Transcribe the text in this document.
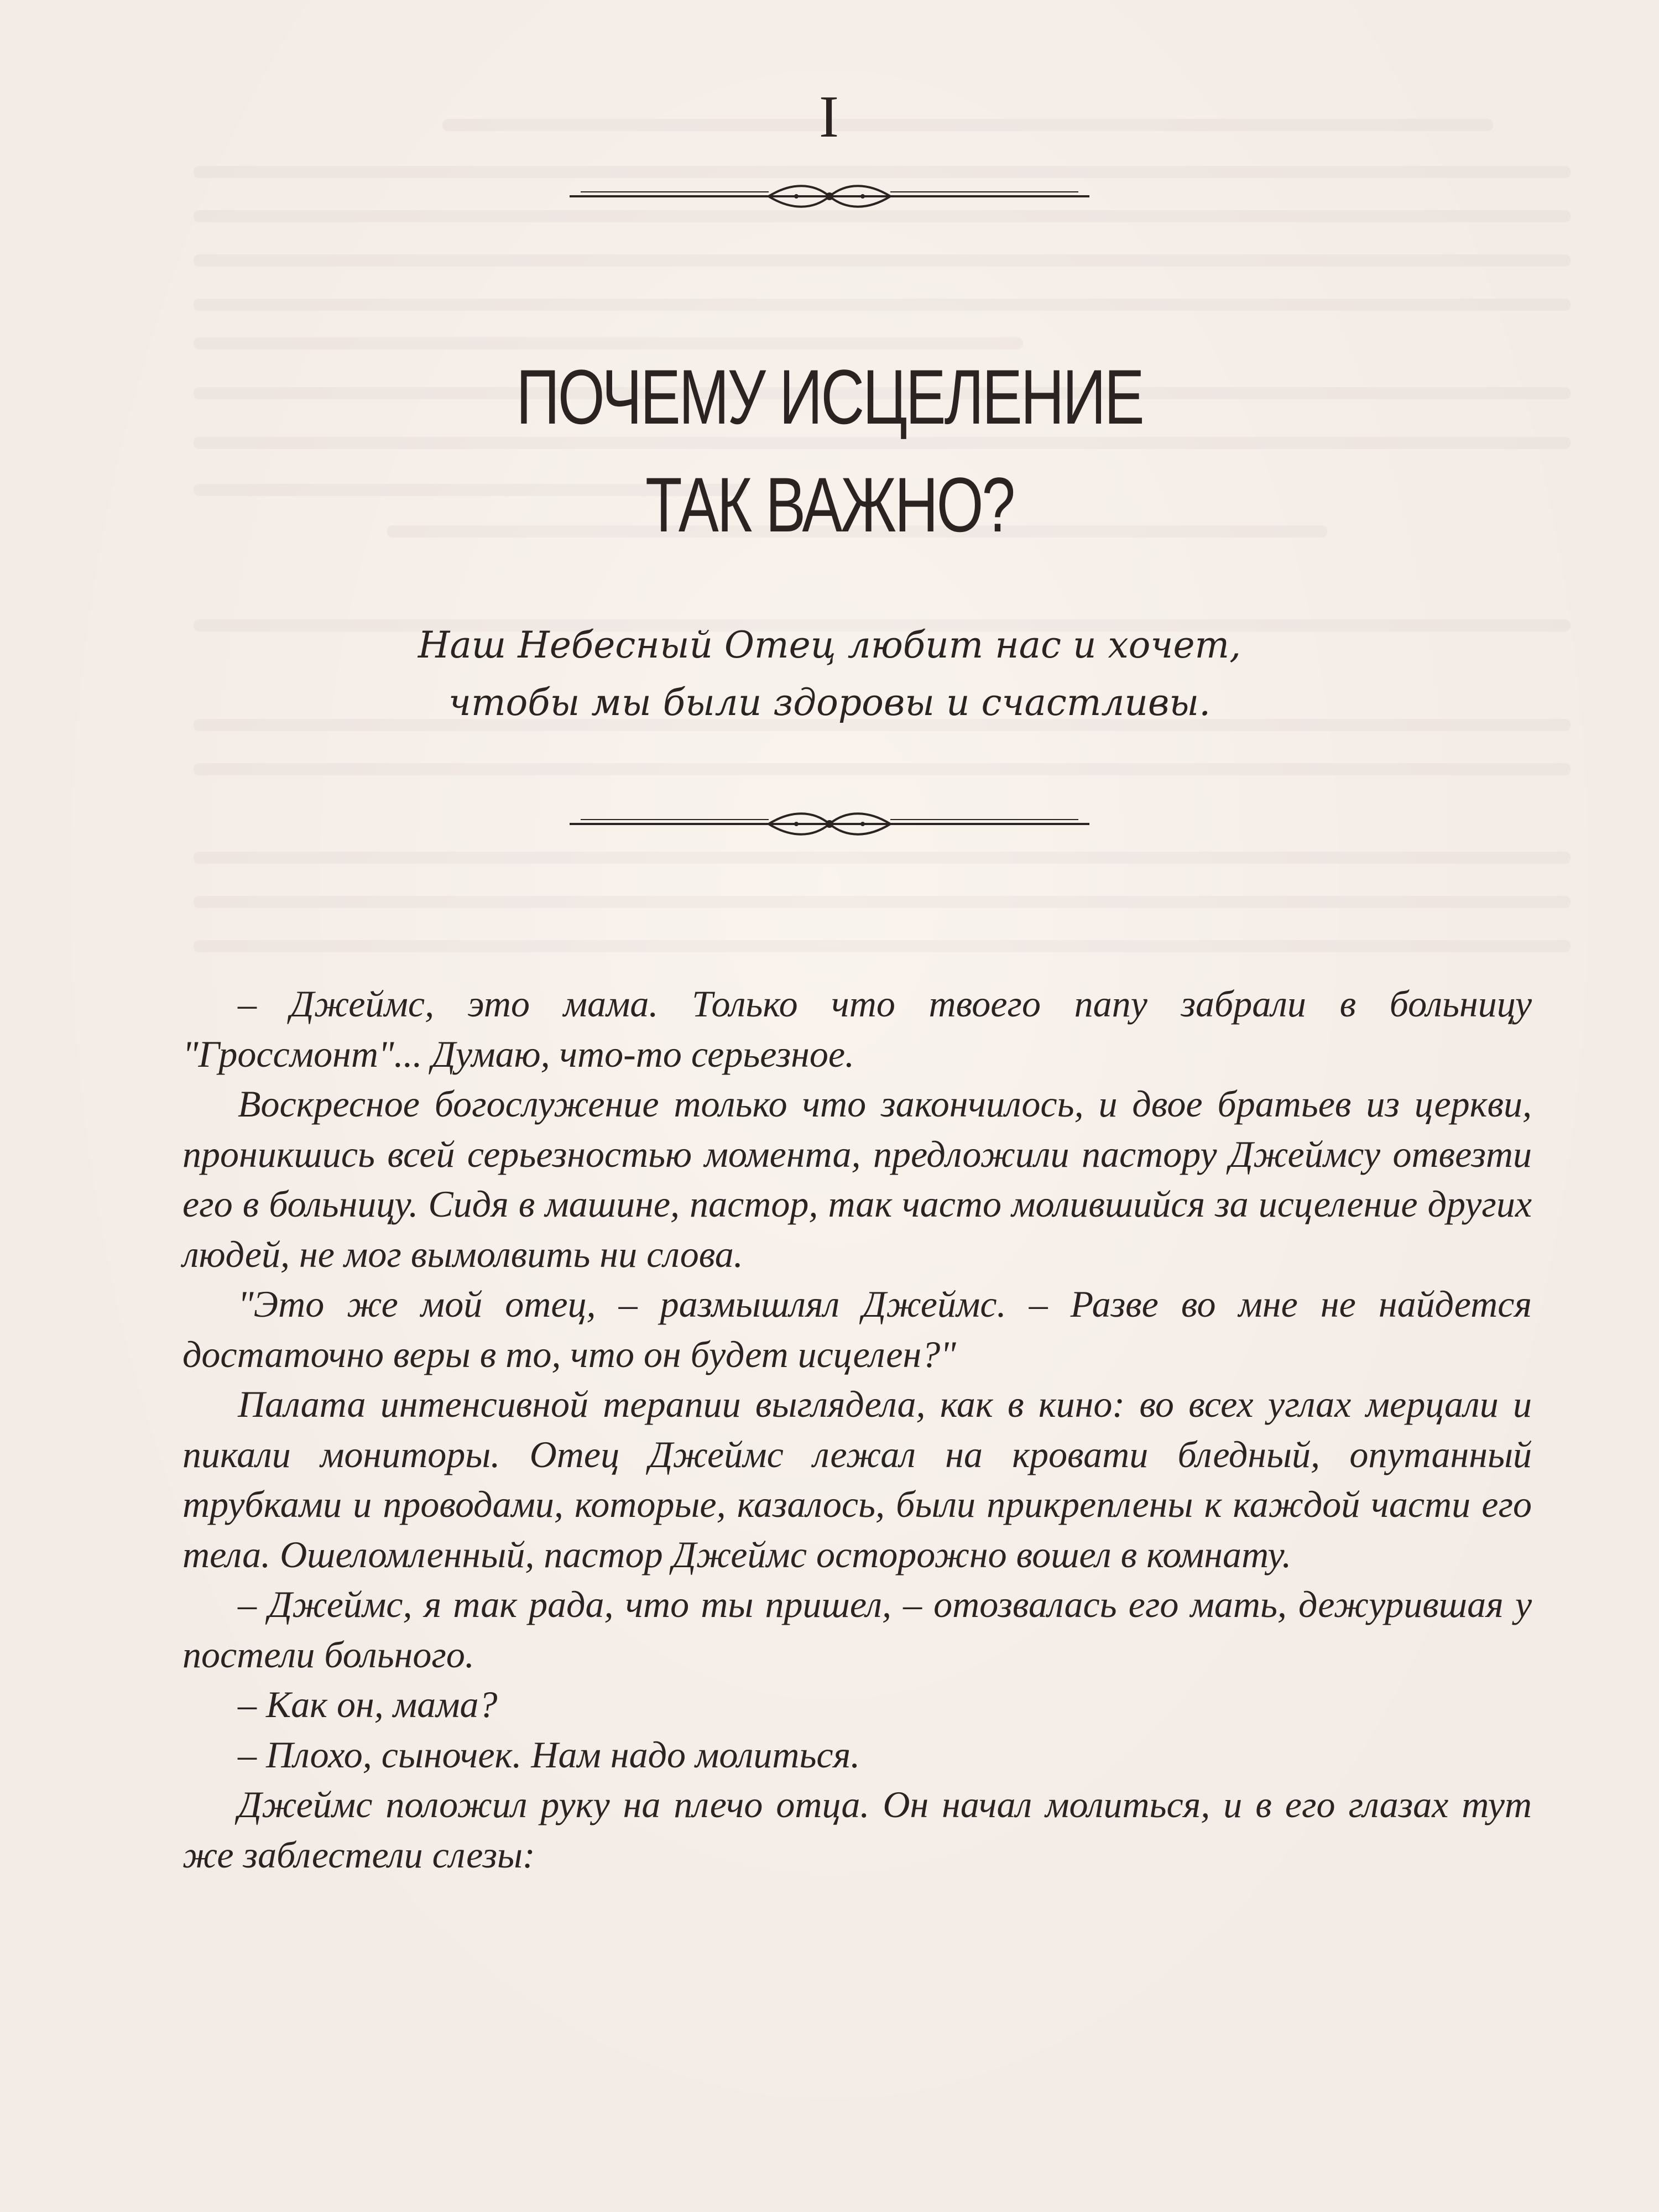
I
ПОЧЕМУ ИСЦЕЛЕНИЕ
ТАК ВАЖНО?
Наш Небесный Отец любит нас и хочет,
чтобы мы были здоровы и счастливы.

– Джеймс, это мама. Только что твоего папу забрали в больницу "Гроссмонт"... Думаю, что-то серьезное.

Воскресное богослужение только что закончилось, и двое братьев из церкви, проникшись всей серьезностью момента, предложили пастору Джеймсу отвезти его в больницу. Сидя в машине, пастор, так часто молившийся за исцеление других людей, не мог вымолвить ни слова.

"Это же мой отец, – размышлял Джеймс. – Разве во мне не найдется достаточно веры в то, что он будет исцелен?"

Палата интенсивной терапии выглядела, как в кино: во всех углах мерцали и пикали мониторы. Отец Джеймс лежал на кровати бледный, опутанный трубками и проводами, которые, казалось, были прикреплены к каждой части его тела. Ошеломленный, пастор Джеймс осторожно вошел в комнату.

– Джеймс, я так рада, что ты пришел, – отозвалась его мать, дежурившая у постели больного.

– Как он, мама?

– Плохо, сыночек. Нам надо молиться.

Джеймс положил руку на плечо отца. Он начал молиться, и в его глазах тут же заблестели слезы:
